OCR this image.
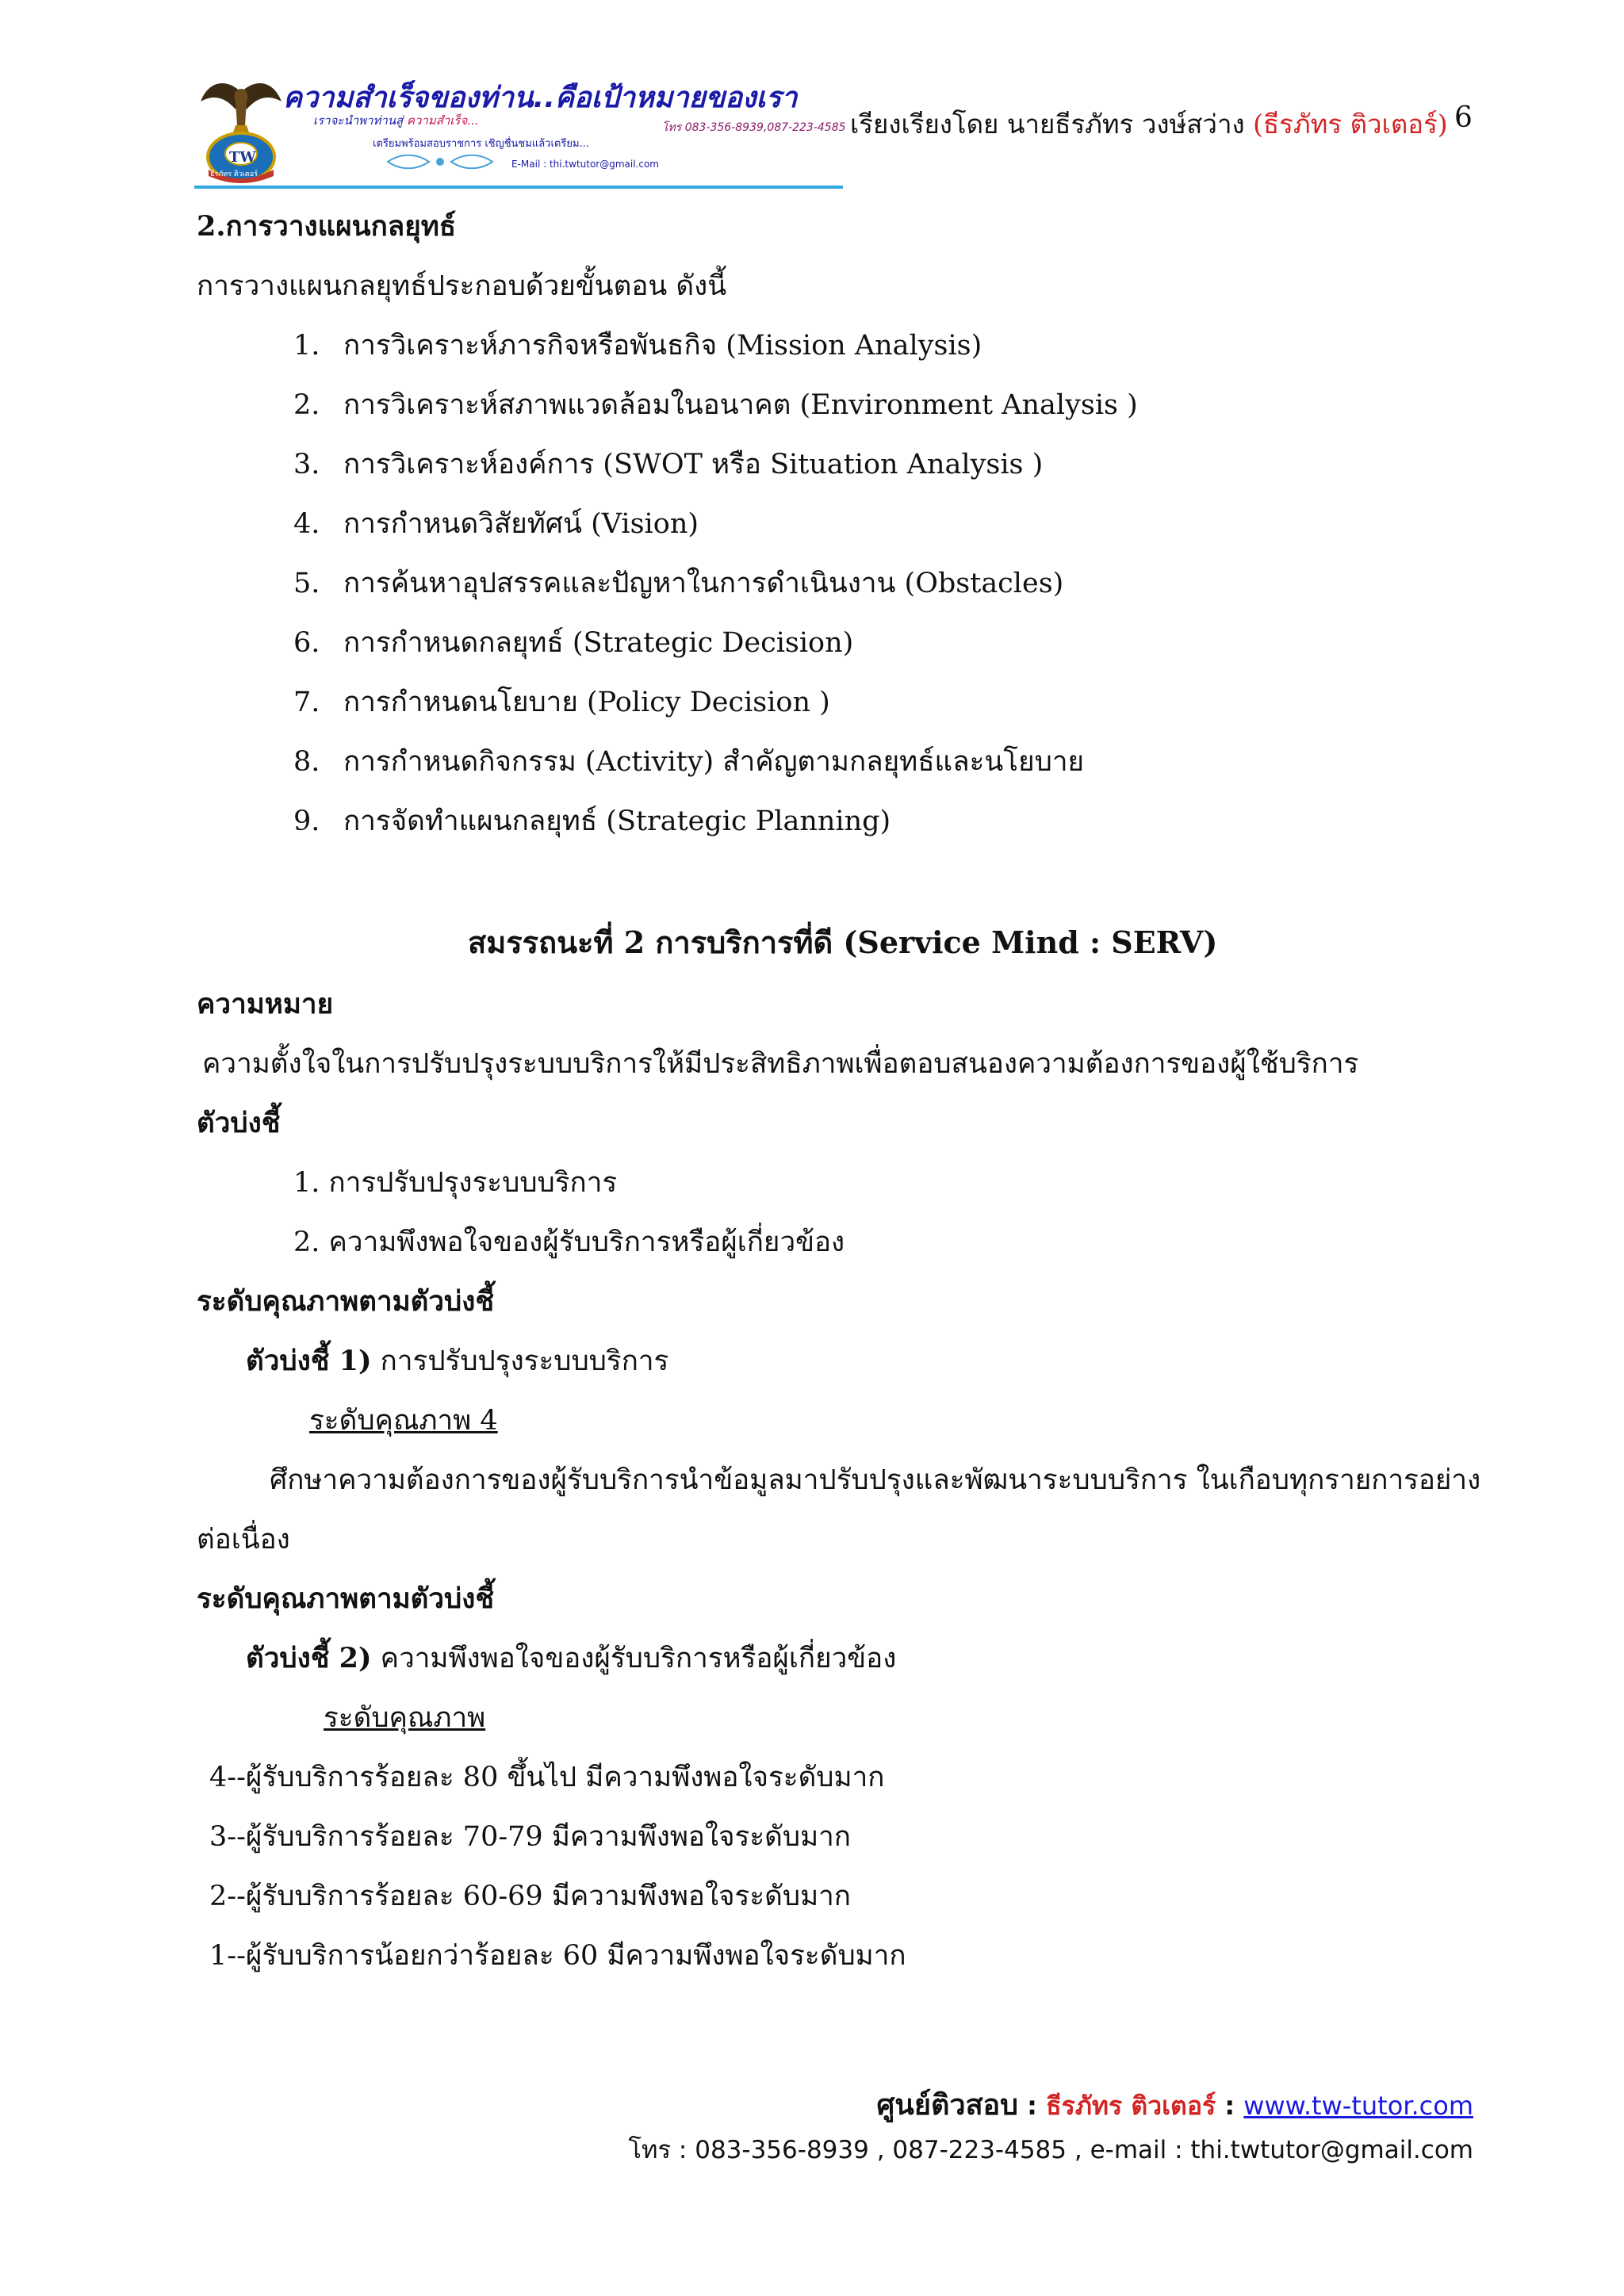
TW
ธีรภัทร ติวเตอร์
ความสำเร็จของท่าน..คือเป้าหมายของเรา
เราจะนำพาท่านสู่ ความสำเร็จ...	โทร 083-356-8939,087-223-4585
เตรียมพร้อมสอบราชการ เชิญชื่นชมแล้วเตรียม...
E-Mail : thi.twtutor@gmail.com
เรียงเรียงโดย นายธีรภัทร วงษ์สว่าง (ธีรภัทร ติวเตอร์) 6
2.การวางแผนกลยุทธ์
การวางแผนกลยุทธ์ประกอบด้วยขั้นตอน ดังนี้
1. การวิเคราะห์ภารกิจหรือพันธกิจ (Mission Analysis)
2. การวิเคราะห์สภาพแวดล้อมในอนาคต (Environment Analysis )
3. การวิเคราะห์องค์การ (SWOT หรือ Situation Analysis )
4. การกำหนดวิสัยทัศน์ (Vision)
5. การค้นหาอุปสรรคและปัญหาในการดำเนินงาน (Obstacles)
6. การกำหนดกลยุทธ์ (Strategic Decision)
7. การกำหนดนโยบาย (Policy Decision )
8. การกำหนดกิจกรรม (Activity) สำคัญตามกลยุทธ์และนโยบาย
9. การจัดทำแผนกลยุทธ์ (Strategic Planning)
สมรรถนะที่ 2 การบริการที่ดี (Service Mind : SERV)
ความหมาย
ความตั้งใจในการปรับปรุงระบบบริการให้มีประสิทธิภาพเพื่อตอบสนองความต้องการของผู้ใช้บริการ
ตัวบ่งชี้
1. การปรับปรุงระบบบริการ
2. ความพึงพอใจของผู้รับบริการหรือผู้เกี่ยวข้อง
ระดับคุณภาพตามตัวบ่งชี้
ตัวบ่งชี้ 1) การปรับปรุงระบบบริการ
ระดับคุณภาพ 4
ศึกษาความต้องการของผู้รับบริการนำข้อมูลมาปรับปรุงและพัฒนาระบบบริการ ในเกือบทุกรายการอย่าง
ต่อเนื่อง
ระดับคุณภาพตามตัวบ่งชี้
ตัวบ่งชี้ 2) ความพึงพอใจของผู้รับบริการหรือผู้เกี่ยวข้อง
ระดับคุณภาพ
4--ผู้รับบริการร้อยละ 80 ขึ้นไป มีความพึงพอใจระดับมาก
3--ผู้รับบริการร้อยละ 70-79 มีความพึงพอใจระดับมาก
2--ผู้รับบริการร้อยละ 60-69 มีความพึงพอใจระดับมาก
1--ผู้รับบริการน้อยกว่าร้อยละ 60 มีความพึงพอใจระดับมาก
ศูนย์ติวสอบ : ธีรภัทร ติวเตอร์ : www.tw-tutor.com
โทร : 083-356-8939 , 087-223-4585 , e-mail : thi.twtutor@gmail.com
